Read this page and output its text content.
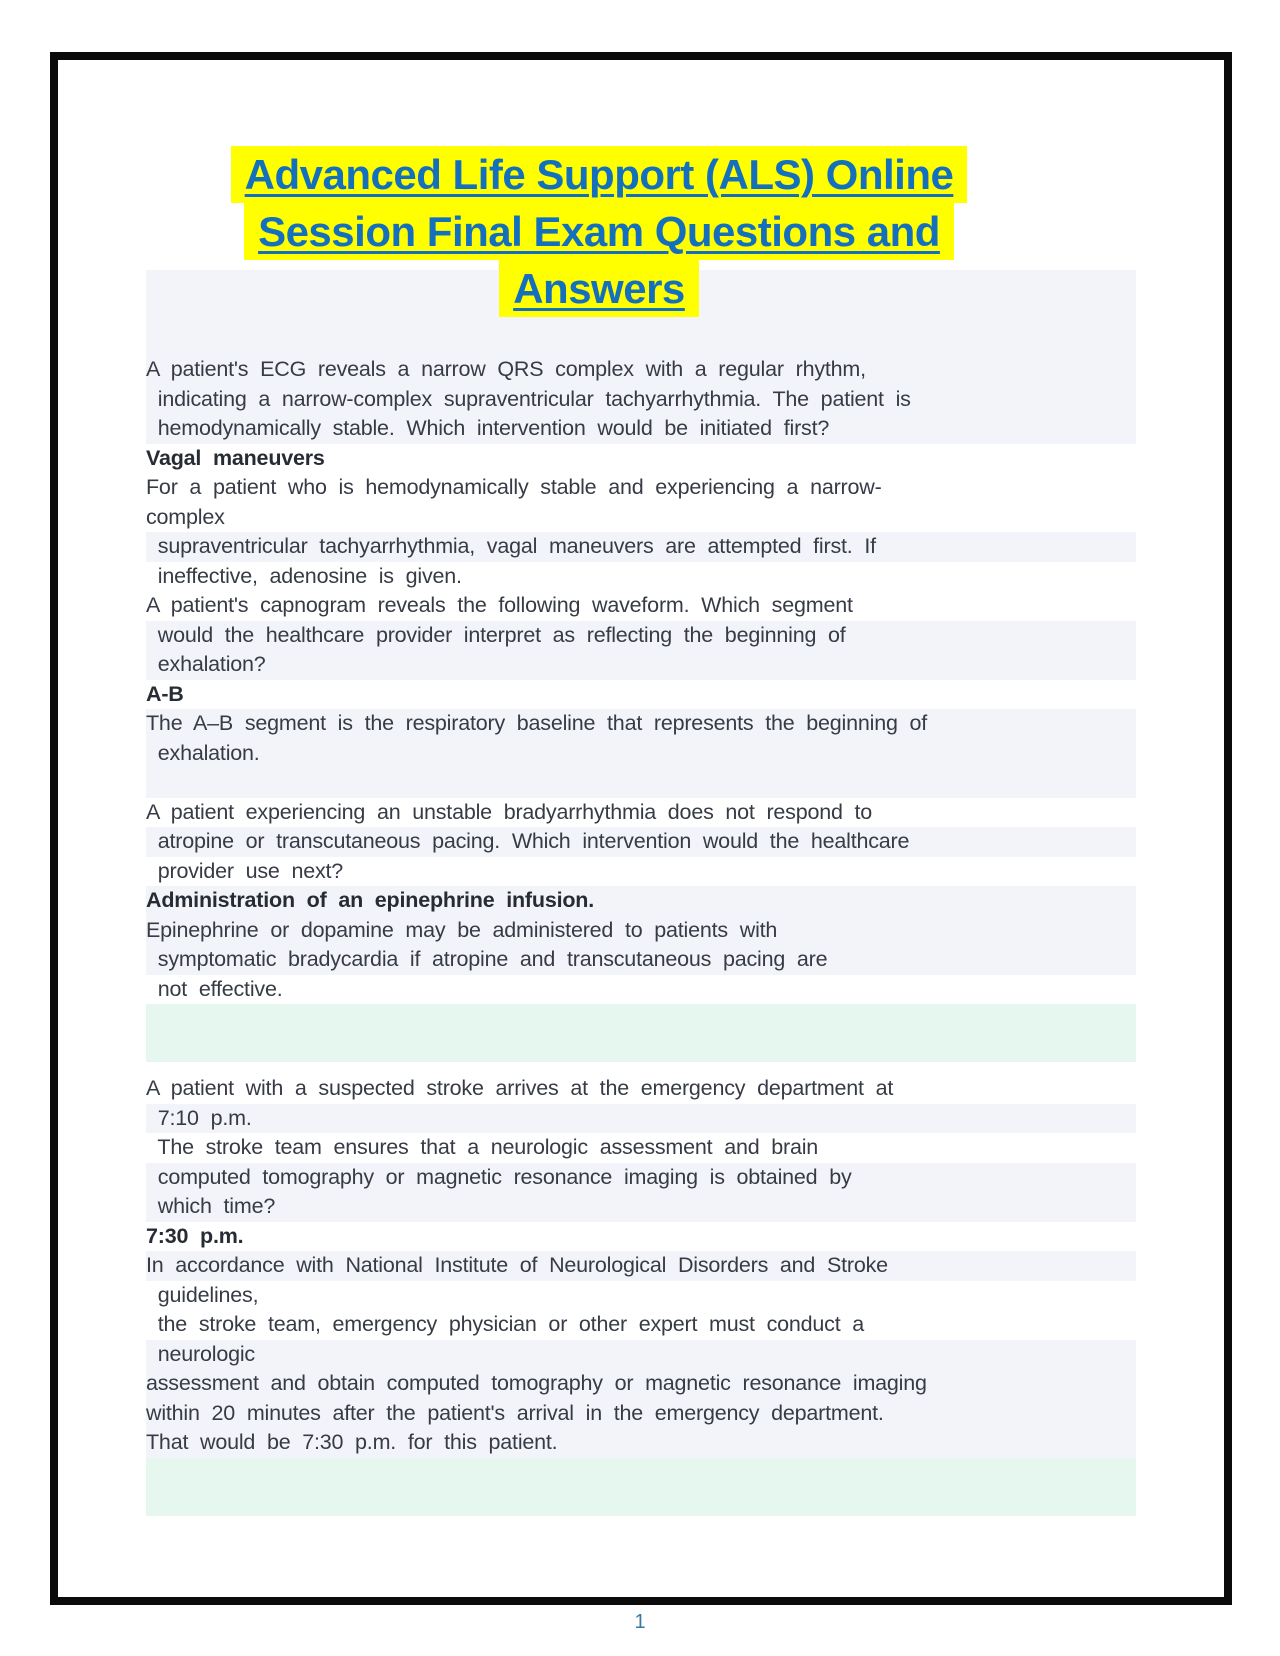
Advanced Life Support (ALS) Online
Session Final Exam Questions and
Answers
A patient's ECG reveals a narrow QRS complex with a regular rhythm,
indicating a narrow-complex supraventricular tachyarrhythmia. The patient is
hemodynamically stable. Which intervention would be initiated first?
Vagal maneuvers
For a patient who is hemodynamically stable and experiencing a narrow-
complex
supraventricular tachyarrhythmia, vagal maneuvers are attempted first. If
ineffective, adenosine is given.
A patient's capnogram reveals the following waveform. Which segment
would the healthcare provider interpret as reflecting the beginning of
exhalation?
A-B
The A–B segment is the respiratory baseline that represents the beginning of
exhalation.
A patient experiencing an unstable bradyarrhythmia does not respond to
atropine or transcutaneous pacing. Which intervention would the healthcare
provider use next?
Administration of an epinephrine infusion.
Epinephrine or dopamine may be administered to patients with
symptomatic bradycardia if atropine and transcutaneous pacing are
not effective.
A patient with a suspected stroke arrives at the emergency department at
7:10 p.m.
The stroke team ensures that a neurologic assessment and brain
computed tomography or magnetic resonance imaging is obtained by
which time?
7:30 p.m.
In accordance with National Institute of Neurological Disorders and Stroke
guidelines,
the stroke team, emergency physician or other expert must conduct a
neurologic
assessment and obtain computed tomography or magnetic resonance imaging
within 20 minutes after the patient's arrival in the emergency department.
That would be 7:30 p.m. for this patient.
1
